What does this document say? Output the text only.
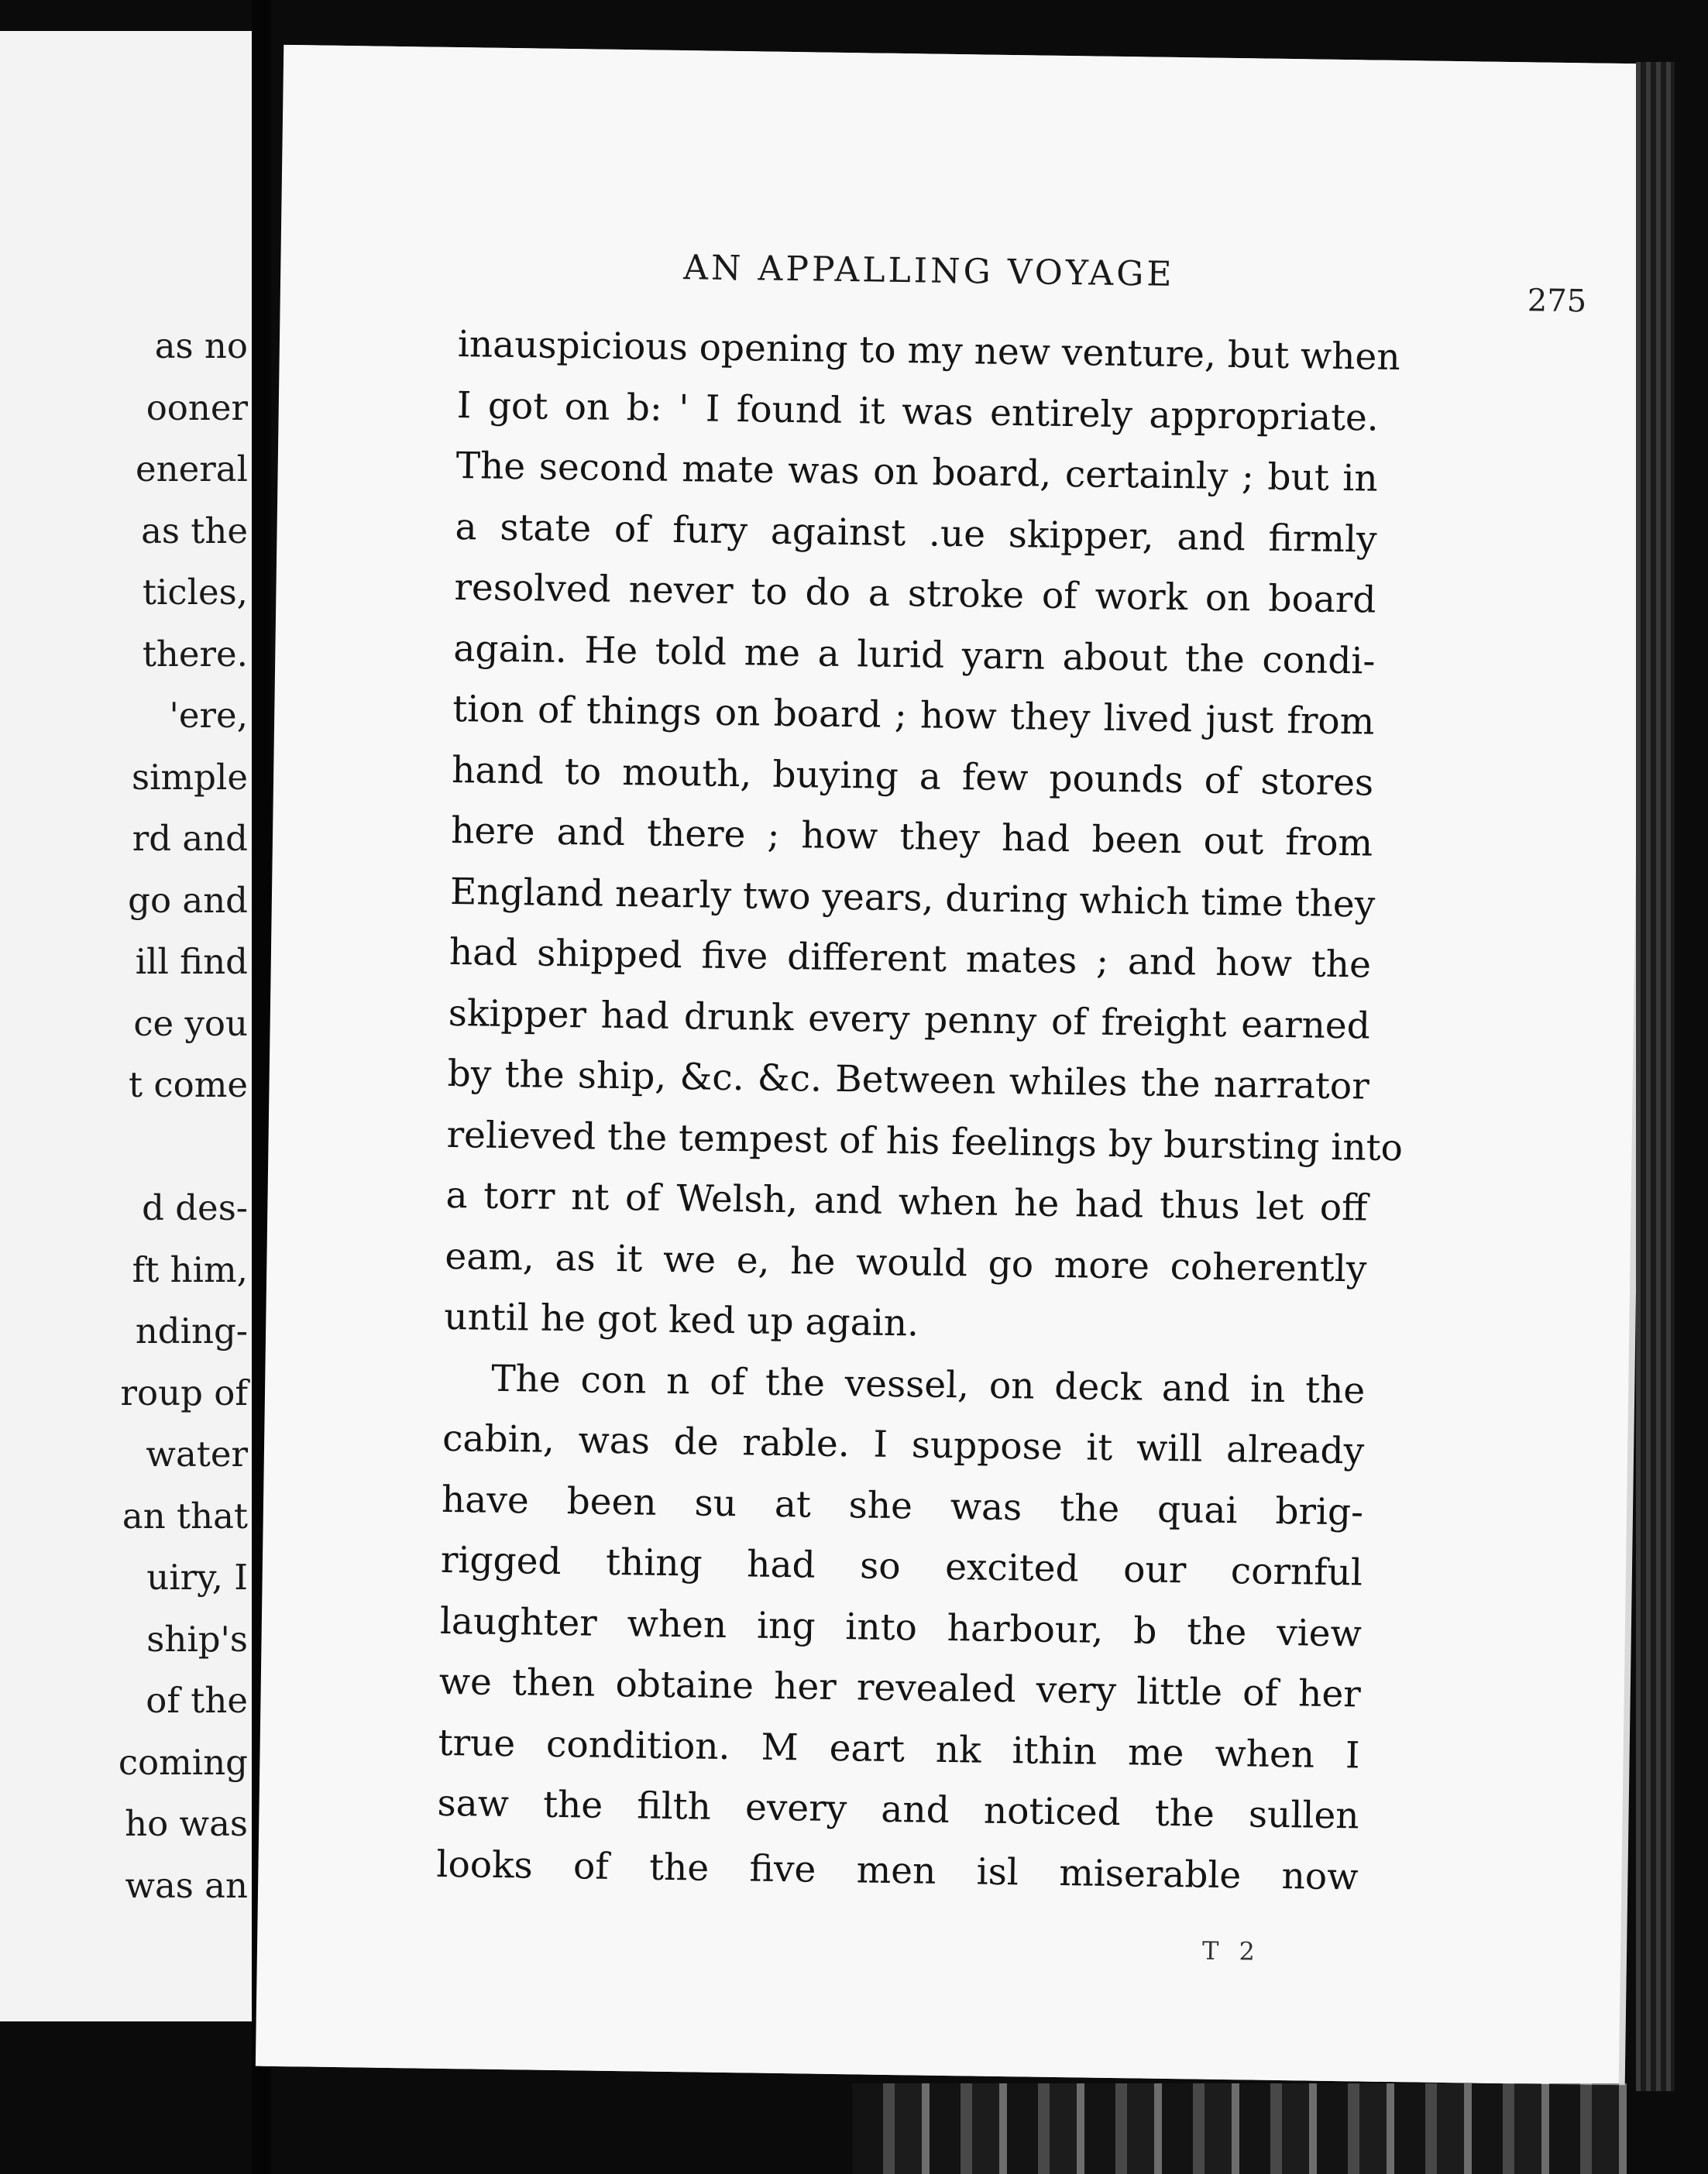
as no
ooner
eneral
as the
ticles,
there.
'ere,
simple
rd and
go and
ill find
ce you
t come
d des-
ft him,
nding-
roup of
water
an that
uiry, I
ship's
of the
coming
ho was
was an
AN APPALLING VOYAGE
275
inauspicious opening to my new venture, but when
I got on b: ' I found it was entirely appropriate.
The second mate was on board, certainly ; but in
a state of fury against .ue skipper, and firmly
resolved never to do a stroke of work on board
again. He told me a lurid yarn about the condi-
tion of things on board ; how they lived just from
hand to mouth, buying a few pounds of stores
here and there ; how they had been out from
England nearly two years, during which time they
had shipped five different mates ; and how the
skipper had drunk every penny of freight earned
by the ship, &c. &c. Between whiles the narrator
relieved the tempest of his feelings by bursting into
a torr nt of Welsh, and when he had thus let off
eam, as it we e, he would go more coherently
until he got ked up again.
The con n of the vessel, on deck and in the
cabin, was de rable. I suppose it will already
have been su at she was the quai brig-
rigged thing had so excited our cornful
laughter when ing into harbour, b the view
we then obtaine her revealed very little of her
true condition. M eart nk ithin me when I
saw the filth every and noticed the sullen
looks of the five men isl miserable now
T 2
